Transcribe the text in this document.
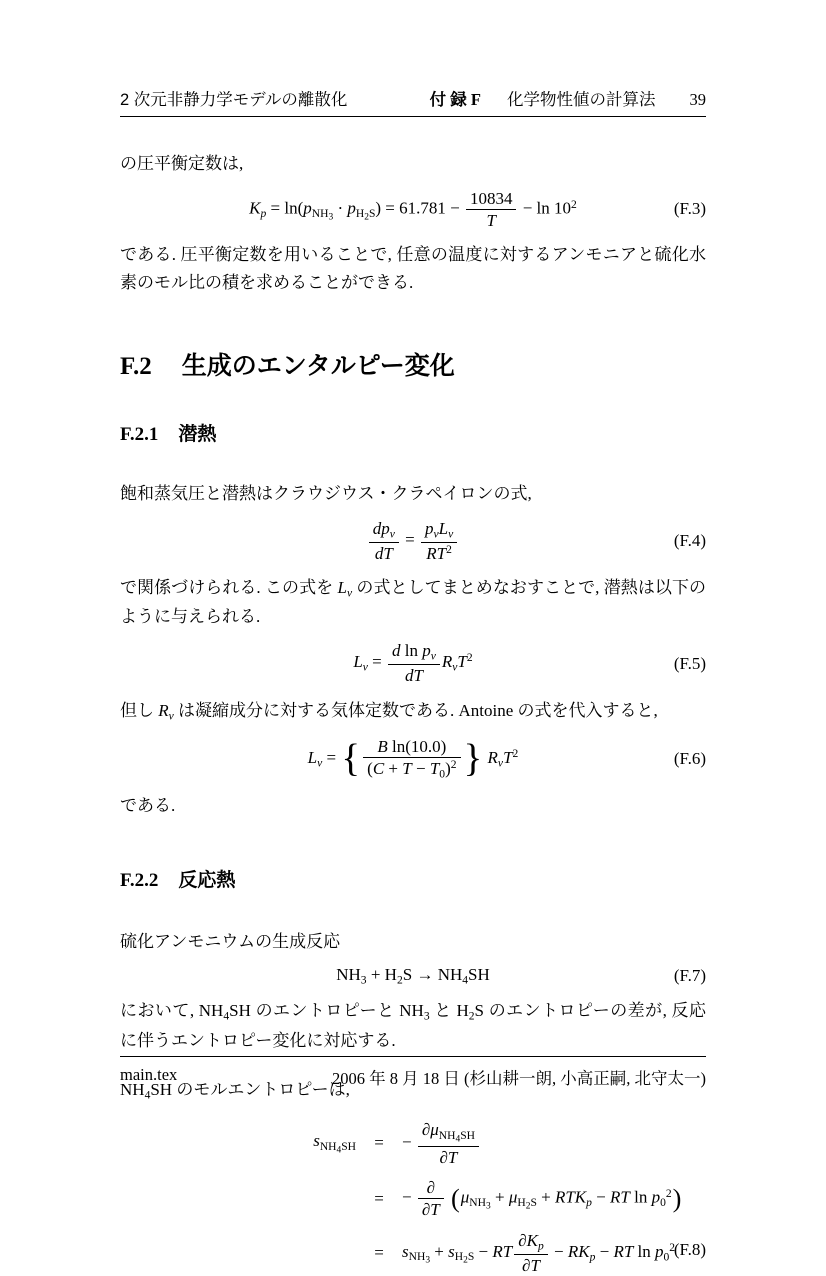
2 次元非静力学モデルの離散化	付 録 F 化学物性値の計算法 39

の圧平衡定数は,

$K_p = \ln(p_{NH_3} \cdot p_{H_2S}) = 61.781 - \frac{10834}{T} - \ln 10^2$	(F.3)

である. 圧平衡定数を用いることで, 任意の温度に対するアンモニアと硫化水素のモル比の積を求めることができる.

F.2 生成のエンタルピー変化
F.2.1 潜熱

飽和蒸気圧と潜熱はクラウジウス・クラペイロンの式,

$\frac{dp_v}{dT} = \frac{p_vL_v}{RT^2}$	(F.4)

で関係づけられる. この式を $L_v$ の式としてまとめなおすことで, 潜熱は以下のように与えられる.

$L_v = \frac{d \ln p_v}{dT} R_vT^2$	(F.5)

但し $R_v$ は凝縮成分に対する気体定数である. Antoine の式を代入すると,

$L_v$ = { $\frac{\text{B ln(10.0)}}{(C + T - T_0)^2}$ } $R_vT^2$	(F.6)

である.

F.2.2 反応熱

硫化アンモニウムの生成反応

$NH_3 + H_2S \to NH_4SH$	(F.7)

において, $NH_4SH$ のエントロピーと $NH_3$ と $H_2S$ のエントロピーの差が, 反応に伴うエントロピー変化に対応する.

$NH_4SH$ のモルエントロピーは,

$s_{NH_4SH}$	=	− $\frac{\partial\mu_{NH_4SH}}{\partial T}$
=	− $\frac{\partial}{\partial T} (\mu_{NH_3} + \mu_{H_2S} + RTK_p$ − RT $\ln p_0^2$)
=	$s_{NH_3} + s_{H_2S}$ − RT $\frac{\partial K_p}{\partial T} - RK_p$ − RT $\ln p_0^2$
(F.8)
main.tex	2006 年 8 月 18 日 (杉山耕一朗, 小高正嗣, 北守太一)
